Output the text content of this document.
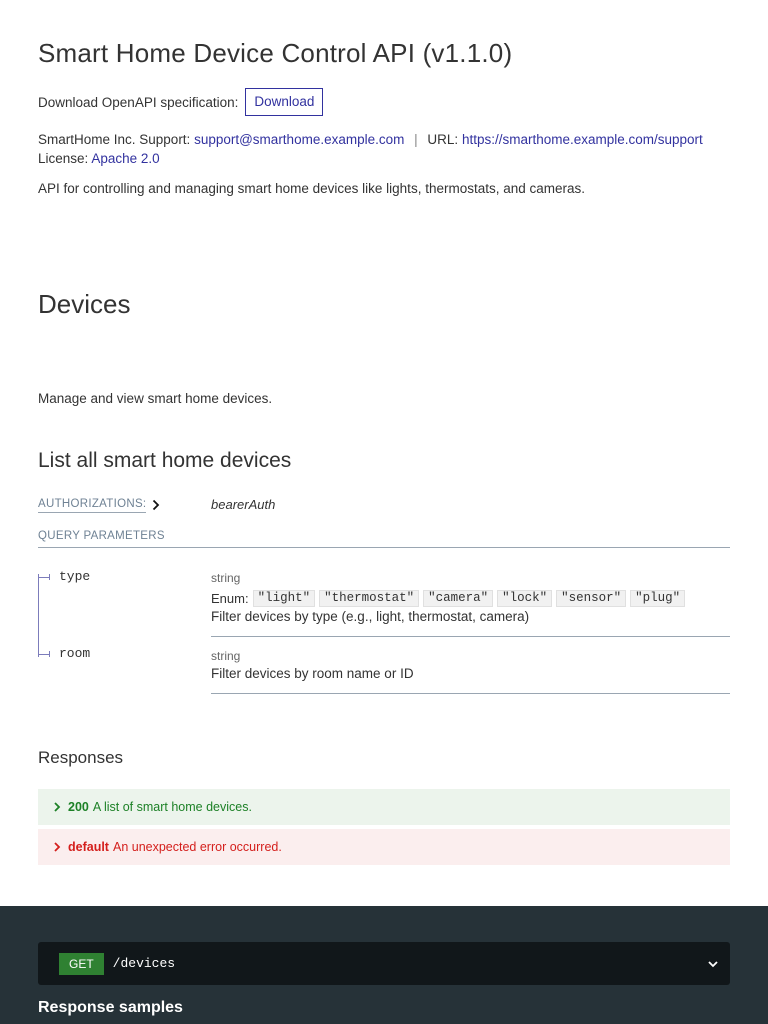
Smart Home Device Control API (v1.1.0)
Download OpenAPI specification:	Download
SmartHome Inc. Support: support@smarthome.example.com | URL: https://smarthome.example.com/support
License: Apache 2.0
API for controlling and managing smart home devices like lights, thermostats, and cameras.
Devices
Manage and view smart home devices.
List all smart home devices
AUTHORIZATIONS:	bearerAuth
QUERY PARAMETERS
type	string
Enum: "light"	"thermostat"	"camera"	"lock"	"sensor"	"plug"
Filter devices by type (e.g., light, thermostat, camera)
room	string
Filter devices by room name or ID
Responses
200 A list of smart home devices.
default An unexpected error occurred.
GET	/devices
Response samples
